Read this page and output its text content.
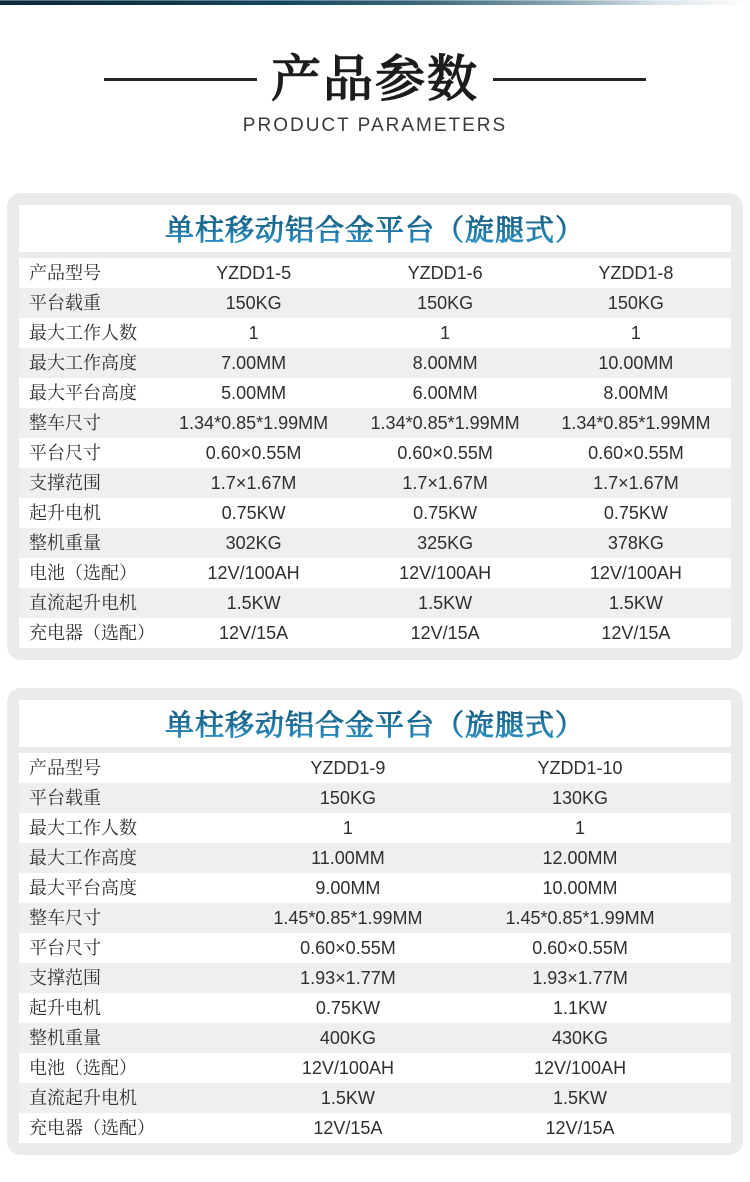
产品参数
PRODUCT PARAMETERS
单柱移动铝合金平台（旋腿式）
产品型号	YZDD1-5	YZDD1-6	YZDD1-8
平台载重	150KG	150KG	150KG
最大工作人数	1	1	1
最大工作高度	7.00MM	8.00MM	10.00MM
最大平台高度	5.00MM	6.00MM	8.00MM
整车尺寸	1.34*0.85*1.99MM	1.34*0.85*1.99MM	1.34*0.85*1.99MM
平台尺寸	0.60×0.55M	0.60×0.55M	0.60×0.55M
支撑范围	1.7×1.67M	1.7×1.67M	1.7×1.67M
起升电机	0.75KW	0.75KW	0.75KW
整机重量	302KG	325KG	378KG
电池（选配）	12V/100AH	12V/100AH	12V/100AH
直流起升电机	1.5KW	1.5KW	1.5KW
充电器（选配）	12V/15A	12V/15A	12V/15A
单柱移动铝合金平台（旋腿式）
产品型号	YZDD1-9	YZDD1-10
平台载重	150KG	130KG
最大工作人数	1	1
最大工作高度	11.00MM	12.00MM
最大平台高度	9.00MM	10.00MM
整车尺寸	1.45*0.85*1.99MM	1.45*0.85*1.99MM
平台尺寸	0.60×0.55M	0.60×0.55M
支撑范围	1.93×1.77M	1.93×1.77M
起升电机	0.75KW	1.1KW
整机重量	400KG	430KG
电池（选配）	12V/100AH	12V/100AH
直流起升电机	1.5KW	1.5KW
充电器（选配）	12V/15A	12V/15A
